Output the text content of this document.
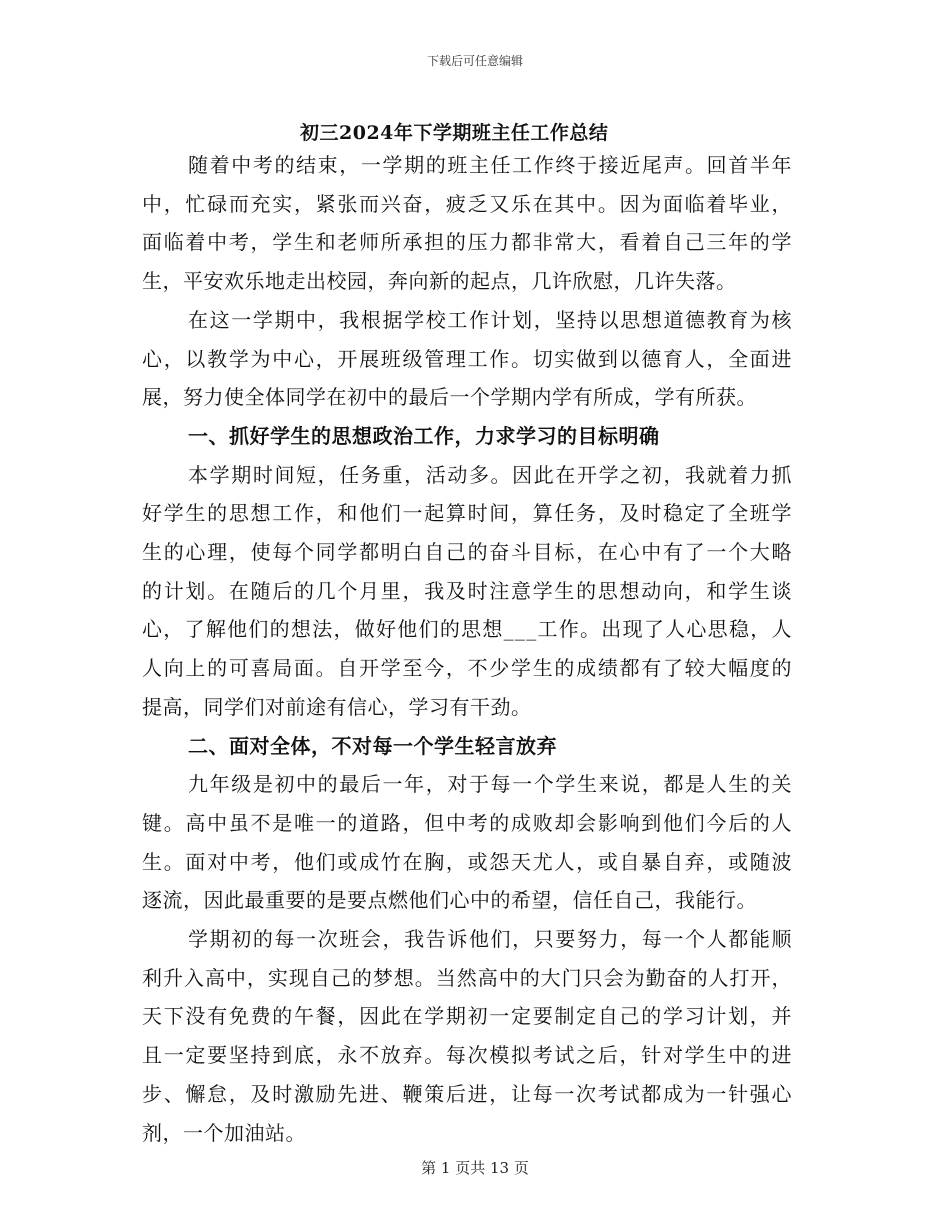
下载后可任意编辑
初三2024年下学期班主任工作总结
随着中考的结束，一学期的班主任工作终于接近尾声。回首半年
中，忙碌而充实，紧张而兴奋，疲乏又乐在其中。因为面临着毕业，
面临着中考，学生和老师所承担的压力都非常大，看着自己三年的学
生，平安欢乐地走出校园，奔向新的起点，几许欣慰，几许失落。
在这一学期中，我根据学校工作计划，坚持以思想道德教育为核
心，以教学为中心，开展班级管理工作。切实做到以德育人，全面进
展，努力使全体同学在初中的最后一个学期内学有所成，学有所获。
一、抓好学生的思想政治工作，力求学习的目标明确
本学期时间短，任务重，活动多。因此在开学之初，我就着力抓
好学生的思想工作，和他们一起算时间，算任务，及时稳定了全班学
生的心理，使每个同学都明白自己的奋斗目标，在心中有了一个大略
的计划。在随后的几个月里，我及时注意学生的思想动向，和学生谈
心，了解他们的想法，做好他们的思想___工作。出现了人心思稳，人
人向上的可喜局面。自开学至今，不少学生的成绩都有了较大幅度的
提高，同学们对前途有信心，学习有干劲。
二、面对全体，不对每一个学生轻言放弃
九年级是初中的最后一年，对于每一个学生来说，都是人生的关
键。高中虽不是唯一的道路，但中考的成败却会影响到他们今后的人
生。面对中考，他们或成竹在胸，或怨天尤人，或自暴自弃，或随波
逐流，因此最重要的是要点燃他们心中的希望，信任自己，我能行。
学期初的每一次班会，我告诉他们，只要努力，每一个人都能顺
利升入高中，实现自己的梦想。当然高中的大门只会为勤奋的人打开，
天下没有免费的午餐，因此在学期初一定要制定自己的学习计划，并
且一定要坚持到底，永不放弃。每次模拟考试之后，针对学生中的进
步、懈怠，及时激励先进、鞭策后进，让每一次考试都成为一针强心
剂，一个加油站。
第 1 页共 13 页
